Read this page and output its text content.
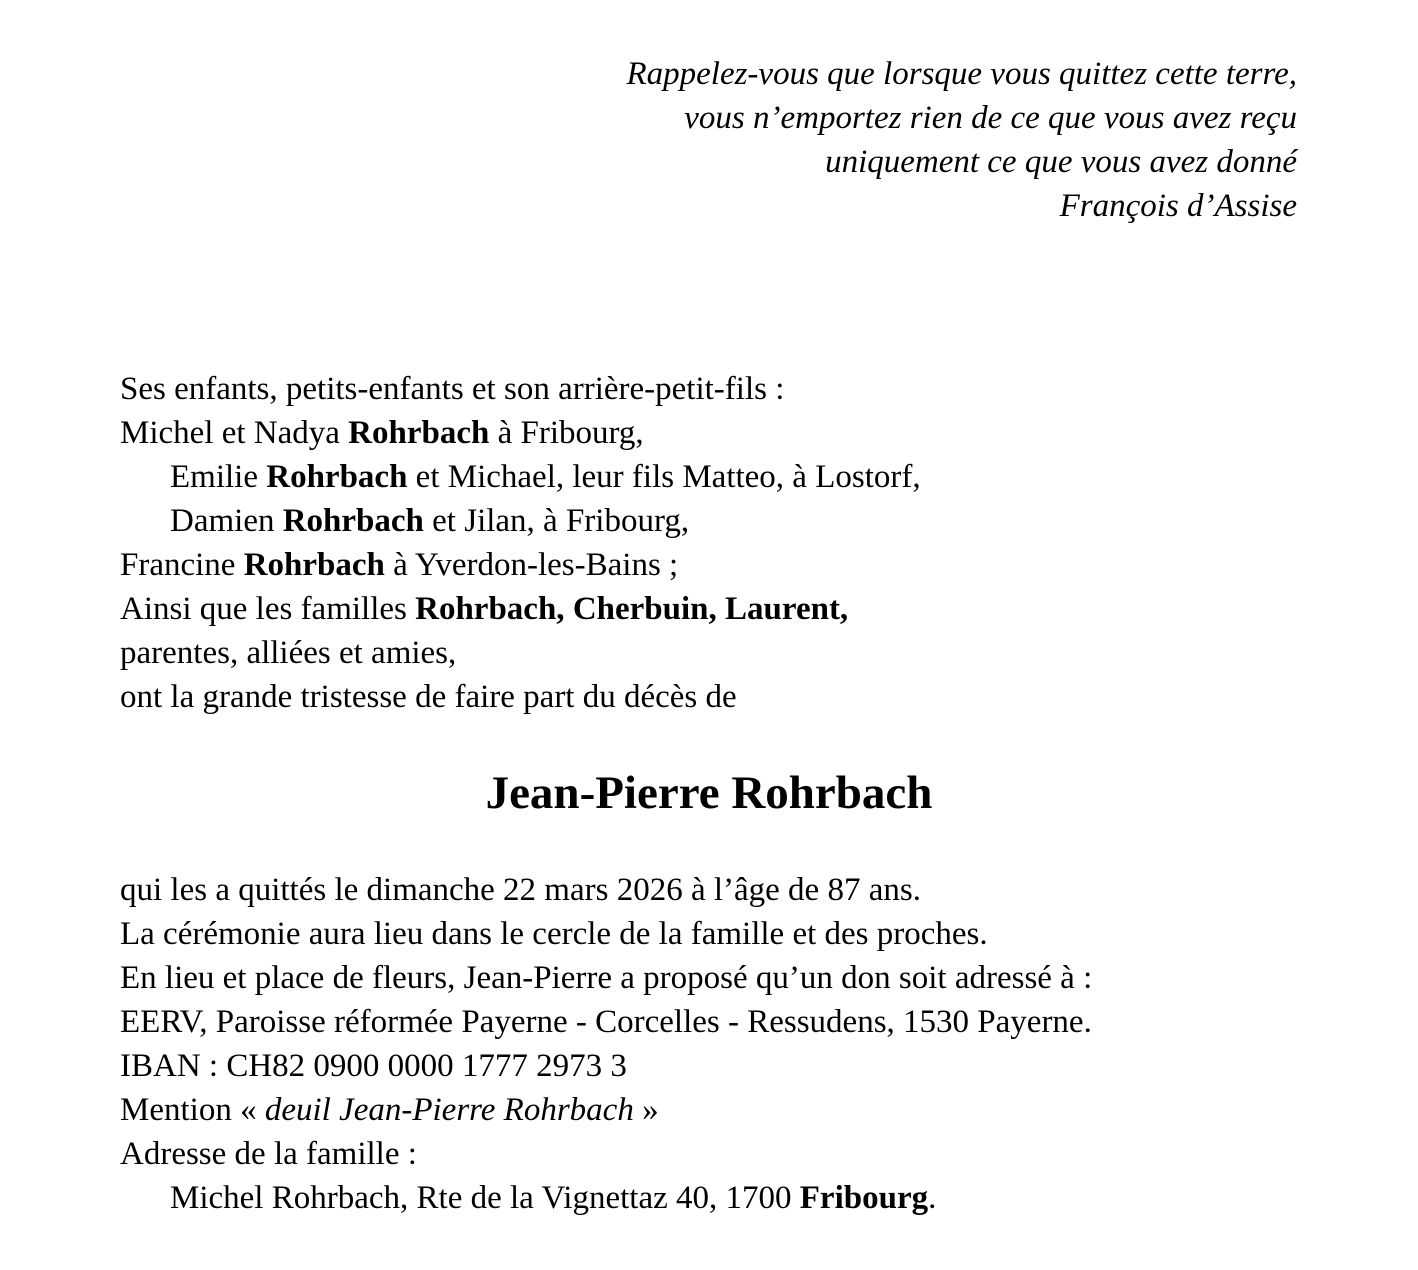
Rappelez-vous que lorsque vous quittez cette terre,
vous n’emportez rien de ce que vous avez reçu
uniquement ce que vous avez donné
François d’Assise
Ses enfants, petits-enfants et son arrière-petit-fils :
Michel et Nadya Rohrbach à Fribourg,
Emilie Rohrbach et Michael, leur fils Matteo, à Lostorf,
Damien Rohrbach et Jilan, à Fribourg,
Francine Rohrbach à Yverdon-les-Bains ;
Ainsi que les familles Rohrbach, Cherbuin, Laurent,
parentes, alliées et amies,
ont la grande tristesse de faire part du décès de
Jean-Pierre Rohrbach
qui les a quittés le dimanche 22 mars 2026 à l’âge de 87 ans.
La cérémonie aura lieu dans le cercle de la famille et des proches.
En lieu et place de fleurs, Jean-Pierre a proposé qu’un don soit adressé à :
EERV, Paroisse réformée Payerne - Corcelles - Ressudens, 1530 Payerne.
IBAN : CH82 0900 0000 1777 2973 3
Mention « deuil Jean-Pierre Rohrbach »
Adresse de la famille :
Michel Rohrbach, Rte de la Vignettaz 40, 1700 Fribourg.
